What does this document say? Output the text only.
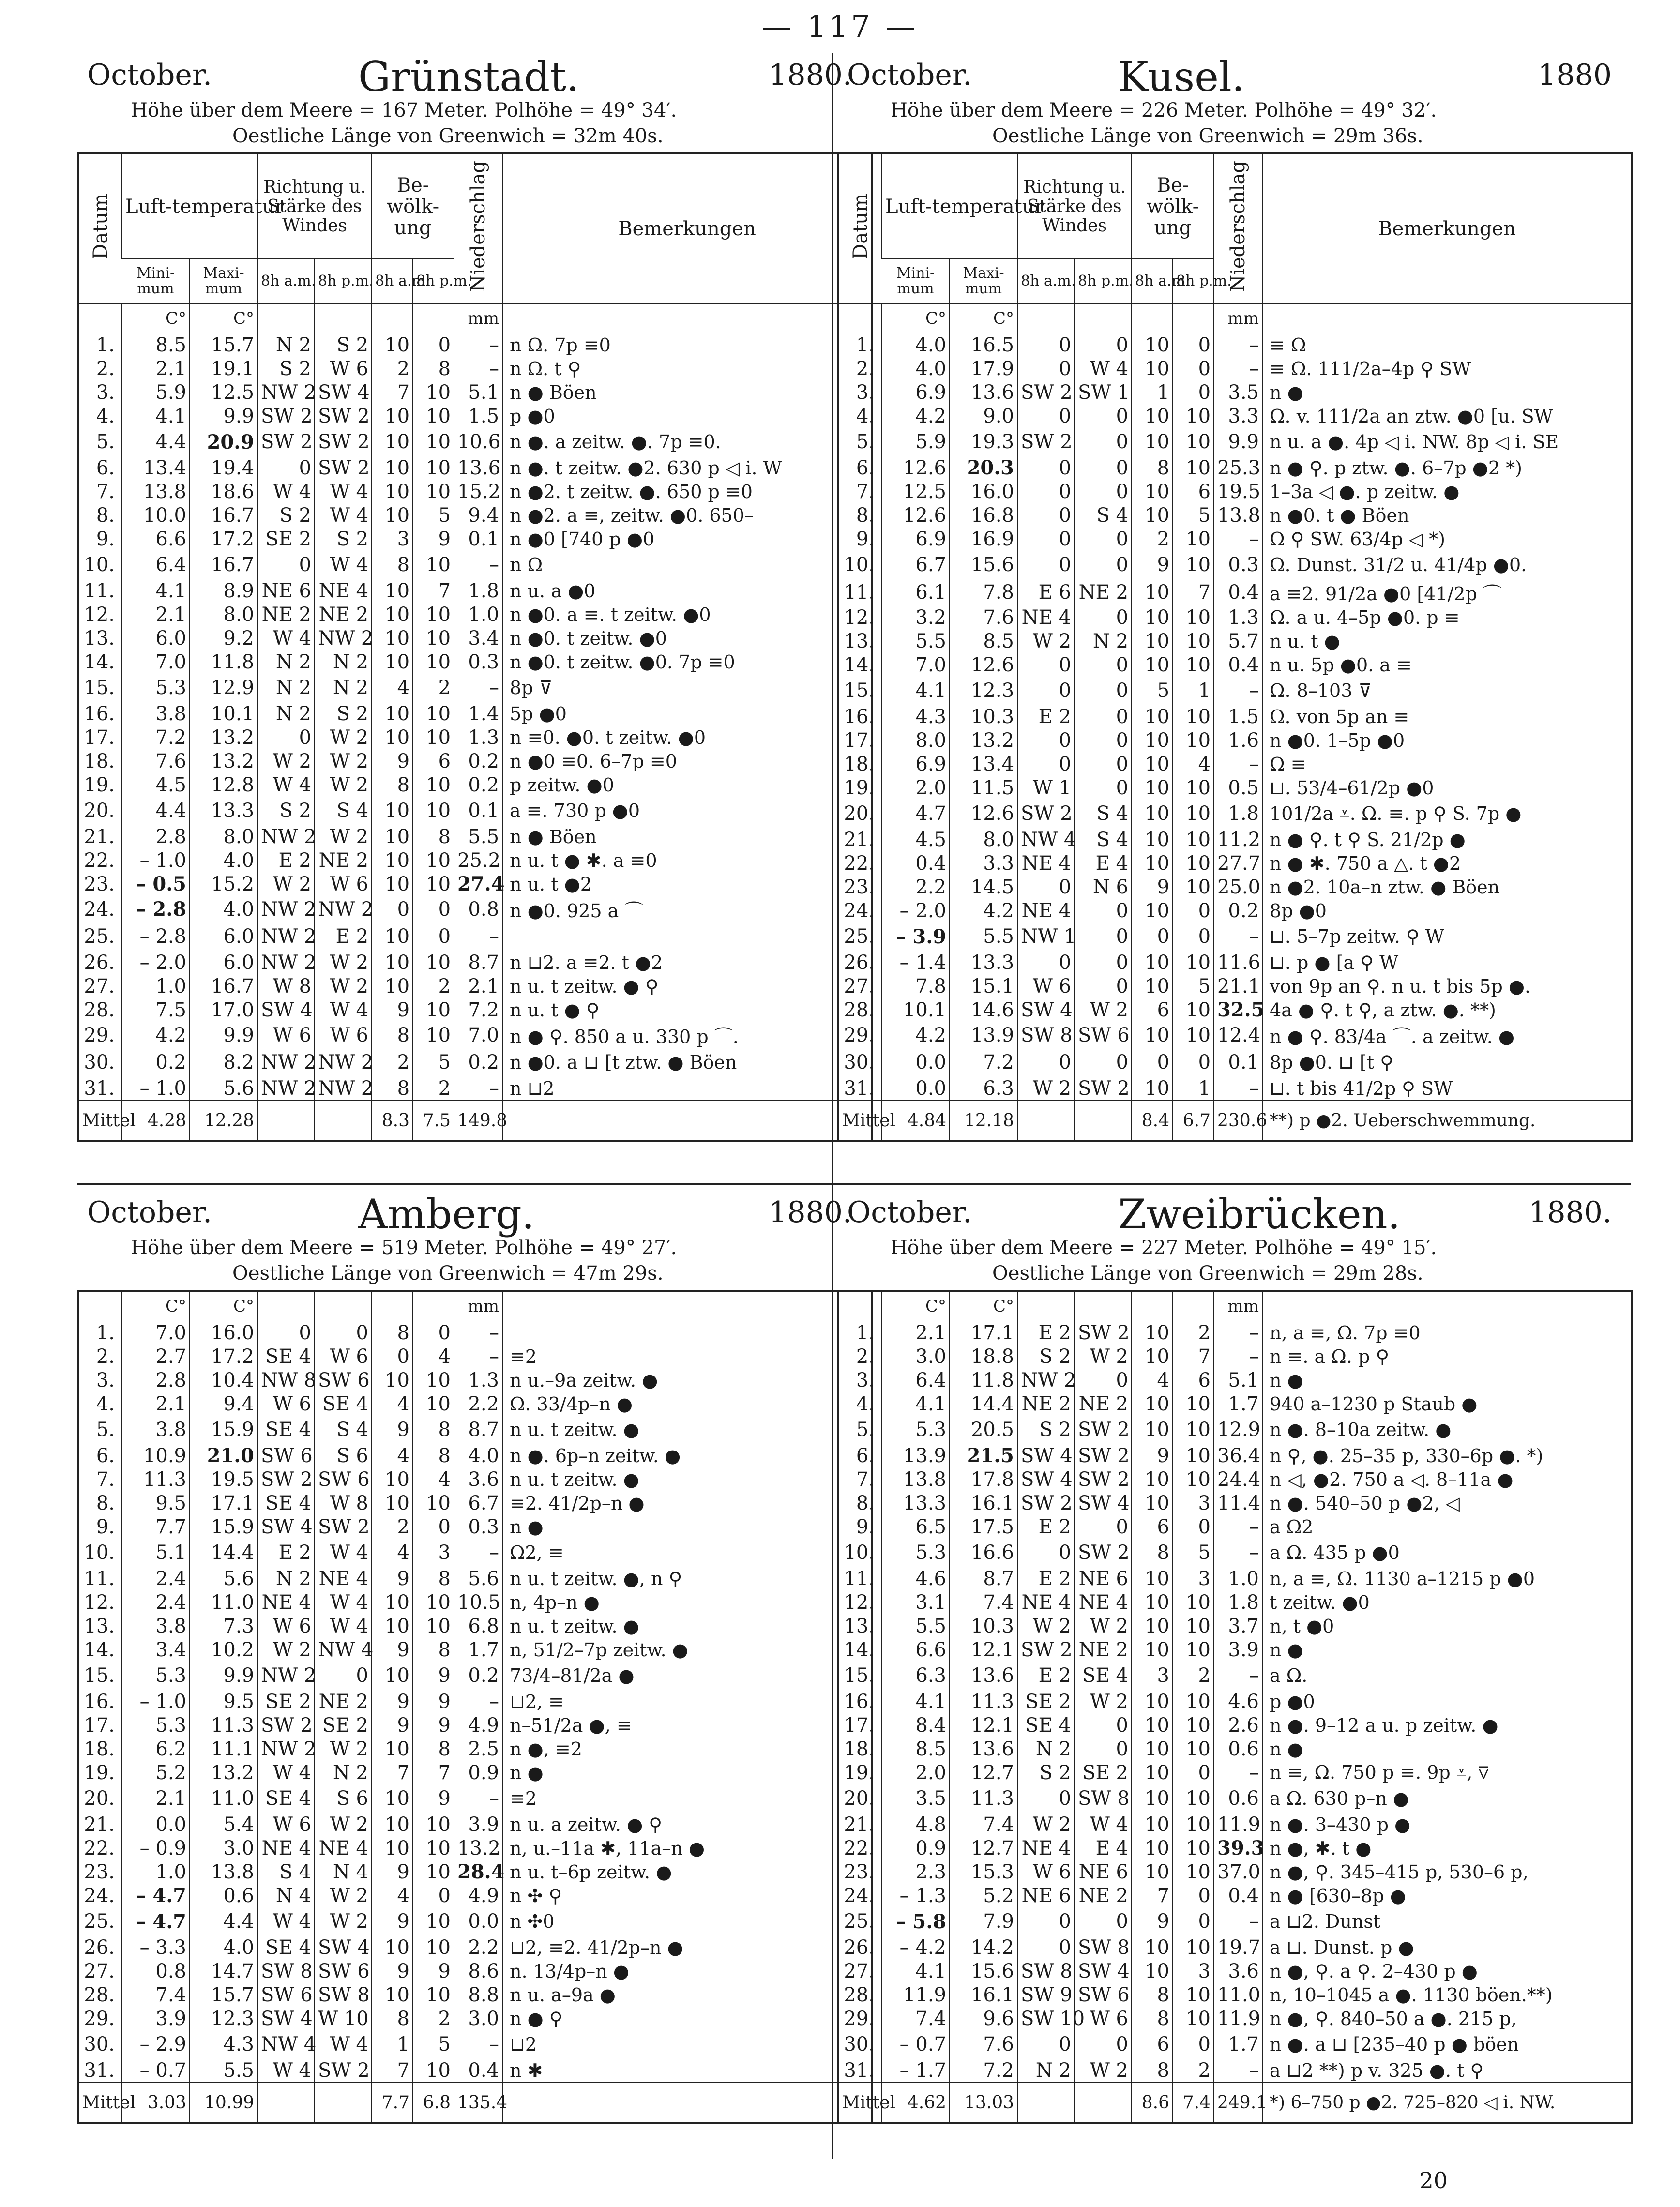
— 117 —
October.	Grünstadt.	1880.
Höhe über dem Meere = 167 Meter. Polhöhe = 49° 34′.
Oestliche Länge von Greenwich = 32m 40s.
Datum	Luft-temperatur		Richtung u. Stärke des Windes		Be-wölk-ung		Niederschlag	Bemerkungen
	Mini-mum	Maxi-mum	8h a.m.	8h p.m.	8h a.m.	8h p.m.		
	C°	C°					mm	
1.	8.5	15.7	N 2	S 2	10	0	–	n Ω. 7p ≡0
2.	2.1	19.1	S 2	W 6	2	8	–	n Ω. t ⚲
3.	5.9	12.5	NW 2	SW 4	7	10	5.1	n ● Böen
4.	4.1	9.9	SW 2	SW 2	10	10	1.5	p ●0
5.	4.4	20.9	SW 2	SW 2	10	10	10.6	n ●. a zeitw. ●. 7p ≡0.
6.	13.4	19.4	0	SW 2	10	10	13.6	n ●. t zeitw. ●2. 630 p ◁ i. W
7.	13.8	18.6	W 4	W 4	10	10	15.2	n ●2. t zeitw. ●. 650 p ≡0
8.	10.0	16.7	S 2	W 4	10	5	9.4	n ●2. a ≡, zeitw. ●0. 650–
9.	6.6	17.2	SE 2	S 2	3	9	0.1	n ●0 [740 p ●0
10.	6.4	16.7	0	W 4	8	10	–	n Ω
11.	4.1	8.9	NE 6	NE 4	10	7	1.8	n u. a ●0
12.	2.1	8.0	NE 2	NE 2	10	10	1.0	n ●0. a ≡. t zeitw. ●0
13.	6.0	9.2	W 4	NW 2	10	10	3.4	n ●0. t zeitw. ●0
14.	7.0	11.8	N 2	N 2	10	10	0.3	n ●0. t zeitw. ●0. 7p ≡0
15.	5.3	12.9	N 2	N 2	4	2	–	8p ⊽
16.	3.8	10.1	N 2	S 2	10	10	1.4	5p ●0
17.	7.2	13.2	0	W 2	10	10	1.3	n ≡0. ●0. t zeitw. ●0
18.	7.6	13.2	W 2	W 2	9	6	0.2	n ●0 ≡0. 6–7p ≡0
19.	4.5	12.8	W 4	W 2	8	10	0.2	p zeitw. ●0
20.	4.4	13.3	S 2	S 4	10	10	0.1	a ≡. 730 p ●0
21.	2.8	8.0	NW 2	W 2	10	8	5.5	n ● Böen
22.	– 1.0	4.0	E 2	NE 2	10	10	25.2	n u. t ● ✱. a ≡0
23.	– 0.5	15.2	W 2	W 6	10	10	27.4	n u. t ●2
24.	– 2.8	4.0	NW 2	NW 2	0	0	0.8	n ●0. 925 a ⌒
25.	– 2.8	6.0	NW 2	E 2	10	0	–	
26.	– 2.0	6.0	NW 2	W 2	10	10	8.7	n ⊔2. a ≡2. t ●2
27.	1.0	16.7	W 8	W 2	10	2	2.1	n u. t zeitw. ● ⚲
28.	7.5	17.0	SW 4	W 4	9	10	7.2	n u. t ● ⚲
29.	4.2	9.9	W 6	W 6	8	10	7.0	n ● ⚲. 850 a u. 330 p ⌒.
30.	0.2	8.2	NW 2	NW 2	2	5	0.2	n ●0. a ⊔ [t ztw. ● Böen
31.	– 1.0	5.6	NW 2	NW 2	8	2	–	n ⊔2
Mittel	4.28	12.28			8.3	7.5	149.8	
October.	Kusel.	1880
Höhe über dem Meere = 226 Meter. Polhöhe = 49° 32′.
Oestliche Länge von Greenwich = 29m 36s.
Datum	Luft-temperatur		Richtung u. Stärke des Windes		Be-wölk-ung		Niederschlag	Bemerkungen
	Mini-mum	Maxi-mum	8h a.m.	8h p.m.	8h a.m.	8h p.m.		
	C°	C°					mm	
1.	4.0	16.5	0	0	10	0	–	≡ Ω
2.	4.0	17.9	0	W 4	10	0	–	≡ Ω. 111/2a–4p ⚲ SW
3.	6.9	13.6	SW 2	SW 1	1	0	3.5	n ●
4.	4.2	9.0	0	0	10	10	3.3	Ω. v. 111/2a an ztw. ●0 [u. SW
5.	5.9	19.3	SW 2	0	10	10	9.9	n u. a ●. 4p ◁ i. NW. 8p ◁ i. SE
6.	12.6	20.3	0	0	8	10	25.3	n ● ⚲. p ztw. ●. 6–7p ●2 *)
7.	12.5	16.0	0	0	10	6	19.5	1–3a ◁ ●. p zeitw. ●
8.	12.6	16.8	0	S 4	10	5	13.8	n ●0. t ● Böen
9.	6.9	16.9	0	0	2	10	–	Ω ⚲ SW. 63/4p ◁ *)
10.	6.7	15.6	0	0	9	10	0.3	Ω. Dunst. 31/2 u. 41/4p ●0.
11.	6.1	7.8	E 6	NE 2	10	7	0.4	a ≡2. 91/2a ●0 [41/2p ⌒
12.	3.2	7.6	NE 4	0	10	10	1.3	Ω. a u. 4–5p ●0. p ≡
13.	5.5	8.5	W 2	N 2	10	10	5.7	n u. t ●
14.	7.0	12.6	0	0	10	10	0.4	n u. 5p ●0. a ≡
15.	4.1	12.3	0	0	5	1	–	Ω. 8–103 ⊽
16.	4.3	10.3	E 2	0	10	10	1.5	Ω. von 5p an ≡
17.	8.0	13.2	0	0	10	10	1.6	n ●0. 1–5p ●0
18.	6.9	13.4	0	0	10	4	–	Ω ≡
19.	2.0	11.5	W 1	0	10	10	0.5	⊔. 53/4–61/2p ●0
20.	4.7	12.6	SW 2	S 4	10	10	1.8	101/2a ⩡. Ω. ≡. p ⚲ S. 7p ●
21.	4.5	8.0	NW 4	S 4	10	10	11.2	n ● ⚲. t ⚲ S. 21/2p ●
22.	0.4	3.3	NE 4	E 4	10	10	27.7	n ● ✱. 750 a △. t ●2
23.	2.2	14.5	0	N 6	9	10	25.0	n ●2. 10a–n ztw. ● Böen
24.	– 2.0	4.2	NE 4	0	10	0	0.2	8p ●0
25.	– 3.9	5.5	NW 1	0	0	0	–	⊔. 5–7p zeitw. ⚲ W
26.	– 1.4	13.3	0	0	10	10	11.6	⊔. p ● [a ⚲ W
27.	7.8	15.1	W 6	0	10	5	21.1	von 9p an ⚲. n u. t bis 5p ●.
28.	10.1	14.6	SW 4	W 2	6	10	32.5	4a ● ⚲. t ⚲, a ztw. ●. **)
29.	4.2	13.9	SW 8	SW 6	10	10	12.4	n ● ⚲. 83/4a ⌒. a zeitw. ●
30.	0.0	7.2	0	0	0	0	0.1	8p ●0. ⊔ [t ⚲
31.	0.0	6.3	W 2	SW 2	10	1	–	⊔. t bis 41/2p ⚲ SW
Mittel	4.84	12.18			8.4	6.7	230.6	**) p ●2. Ueberschwemmung.
October.	Amberg.	1880.
Höhe über dem Meere = 519 Meter. Polhöhe = 49° 27′.
Oestliche Länge von Greenwich = 47m 29s.
	C°	C°					mm	
1.	7.0	16.0	0	0	8	0	–	
2.	2.7	17.2	SE 4	W 6	0	4	–	≡2
3.	2.8	10.4	NW 8	SW 6	10	10	1.3	n u.–9a zeitw. ●
4.	2.1	9.4	W 6	SE 4	4	10	2.2	Ω. 33/4p–n ●
5.	3.8	15.9	SE 4	S 4	9	8	8.7	n u. t zeitw. ●
6.	10.9	21.0	SW 6	S 6	4	8	4.0	n ●. 6p–n zeitw. ●
7.	11.3	19.5	SW 2	SW 6	10	4	3.6	n u. t zeitw. ●
8.	9.5	17.1	SE 4	W 8	10	10	6.7	≡2. 41/2p–n ●
9.	7.7	15.9	SW 4	SW 2	2	0	0.3	n ●
10.	5.1	14.4	E 2	W 4	4	3	–	Ω2, ≡
11.	2.4	5.6	N 2	NE 4	9	8	5.6	n u. t zeitw. ●, n ⚲
12.	2.4	11.0	NE 4	W 4	10	10	10.5	n, 4p–n ●
13.	3.8	7.3	W 6	W 4	10	10	6.8	n u. t zeitw. ●
14.	3.4	10.2	W 2	NW 4	9	8	1.7	n, 51/2–7p zeitw. ●
15.	5.3	9.9	NW 2	0	10	9	0.2	73/4–81/2a ●
16.	– 1.0	9.5	SE 2	NE 2	9	9	–	⊔2, ≡
17.	5.3	11.3	SW 2	SE 2	9	9	4.9	n–51/2a ●, ≡
18.	6.2	11.1	NW 2	W 2	10	8	2.5	n ●, ≡2
19.	5.2	13.2	W 4	N 2	7	7	0.9	n ●
20.	2.1	11.0	SE 4	S 6	10	9	–	≡2
21.	0.0	5.4	W 6	W 2	10	10	3.9	n u. a zeitw. ● ⚲
22.	– 0.9	3.0	NE 4	NE 4	10	10	13.2	n, u.–11a ✱, 11a–n ●
23.	1.0	13.8	S 4	N 4	9	10	28.4	n u. t–6p zeitw. ●
24.	– 4.7	0.6	N 4	W 2	4	0	4.9	n ✣ ⚲
25.	– 4.7	4.4	W 4	W 2	9	10	0.0	n ✣0
26.	– 3.3	4.0	SE 4	SW 4	10	10	2.2	⊔2, ≡2. 41/2p–n ●
27.	0.8	14.7	SW 8	SW 6	9	9	8.6	n. 13/4p–n ●
28.	7.4	15.7	SW 6	SW 8	10	10	8.8	n u. a–9a ●
29.	3.9	12.3	SW 4	W 10	8	2	3.0	n ● ⚲
30.	– 2.9	4.3	NW 4	W 4	1	5	–	⊔2
31.	– 0.7	5.5	W 4	SW 2	7	10	0.4	n ✱
Mittel	3.03	10.99			7.7	6.8	135.4	
October.	Zweibrücken.	1880.
Höhe über dem Meere = 227 Meter. Polhöhe = 49° 15′.
Oestliche Länge von Greenwich = 29m 28s.
	C°	C°					mm	
1.	2.1	17.1	E 2	SW 2	10	2	–	n, a ≡, Ω. 7p ≡0
2.	3.0	18.8	S 2	W 2	10	7	–	n ≡. a Ω. p ⚲
3.	6.4	11.8	NW 2	0	4	6	5.1	n ●
4.	4.1	14.4	NE 2	NE 2	10	10	1.7	940 a–1230 p Staub ●
5.	5.3	20.5	S 2	SW 2	10	10	12.9	n ●. 8–10a zeitw. ●
6.	13.9	21.5	SW 4	SW 2	9	10	36.4	n ⚲, ●. 25–35 p, 330–6p ●. *)
7.	13.8	17.8	SW 4	SW 2	10	10	24.4	n ◁, ●2. 750 a ◁. 8–11a ●
8.	13.3	16.1	SW 2	SW 4	10	3	11.4	n ●. 540–50 p ●2, ◁
9.	6.5	17.5	E 2	0	6	0	–	a Ω2
10.	5.3	16.6	0	SW 2	8	5	–	a Ω. 435 p ●0
11.	4.6	8.7	E 2	NE 6	10	3	1.0	n, a ≡, Ω. 1130 a–1215 p ●0
12.	3.1	7.4	NE 4	NE 4	10	10	1.8	t zeitw. ●0
13.	5.5	10.3	W 2	W 2	10	10	3.7	n, t ●0
14.	6.6	12.1	SW 2	NE 2	10	10	3.9	n ●
15.	6.3	13.6	E 2	SE 4	3	2	–	a Ω.
16.	4.1	11.3	SE 2	W 2	10	10	4.6	p ●0
17.	8.4	12.1	SE 4	0	10	10	2.6	n ●. 9–12 a u. p zeitw. ●
18.	8.5	13.6	N 2	0	10	10	0.6	n ●
19.	2.0	12.7	S 2	SE 2	10	0	–	n ≡, Ω. 750 p ≡. 9p ⩡, ⊽
20.	3.5	11.3	0	SW 8	10	10	0.6	a Ω. 630 p–n ●
21.	4.8	7.4	W 2	W 4	10	10	11.9	n ●. 3–430 p ●
22.	0.9	12.7	NE 4	E 4	10	10	39.3	n ●, ✱. t ●
23.	2.3	15.3	W 6	NE 6	10	10	37.0	n ●, ⚲. 345–415 p, 530–6 p,
24.	– 1.3	5.2	NE 6	NE 2	7	0	0.4	n ● [630–8p ●
25.	– 5.8	7.9	0	0	9	0	–	a ⊔2. Dunst
26.	– 4.2	14.2	0	SW 8	10	10	19.7	a ⊔. Dunst. p ●
27.	4.1	15.6	SW 8	SW 4	10	3	3.6	n ●, ⚲. a ⚲. 2–430 p ●
28.	11.9	16.1	SW 9	SW 6	8	10	11.0	n, 10–1045 a ●. 1130 böen.**)
29.	7.4	9.6	SW 10	W 6	8	10	11.9	n ●, ⚲. 840–50 a ●. 215 p,
30.	– 0.7	7.6	0	0	6	0	1.7	n ●. a ⊔ [235–40 p ● böen
31.	– 1.7	7.2	N 2	W 2	8	2	–	a ⊔2 **) p v. 325 ●. t ⚲
Mittel	4.62	13.03			8.6	7.4	249.1	*) 6–750 p ●2. 725–820 ◁ i. NW.
20
